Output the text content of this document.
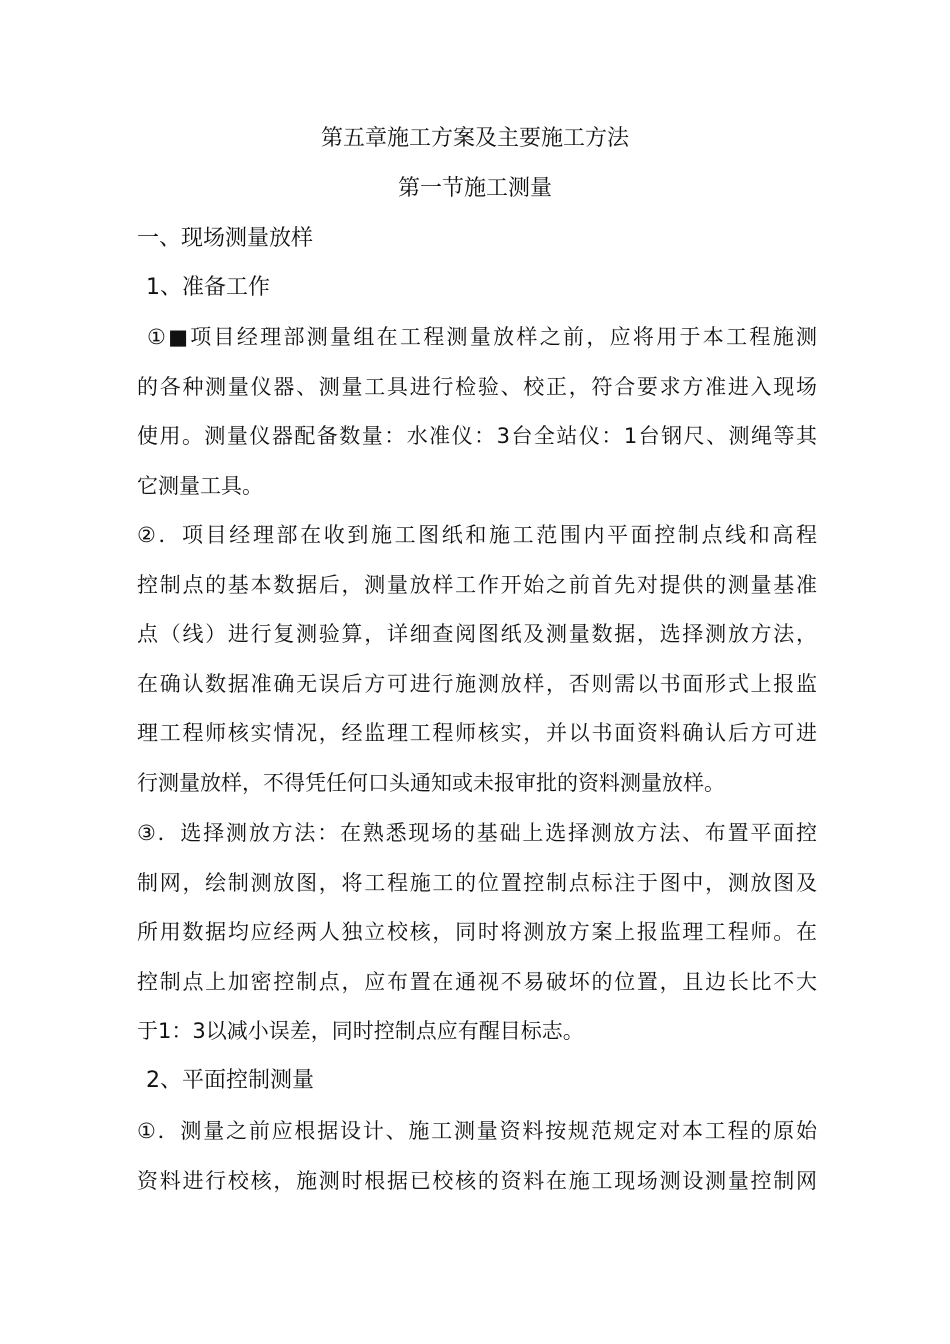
第五章施工方案及主要施工方法
第一节施工测量
一、现场测量放样
1、准备工作
①■项目经理部测量组在工程测量放样之前，应将用于本工程施测
的各种测量仪器、测量工具进行检验、校正，符合要求方准进入现场
使用。测量仪器配备数量：水准仪：3台全站仪：1台钢尺、测绳等其
它测量工具。
②．项目经理部在收到施工图纸和施工范围内平面控制点线和高程
控制点的基本数据后，测量放样工作开始之前首先对提供的测量基准
点（线）进行复测验算，详细查阅图纸及测量数据，选择测放方法，
在确认数据准确无误后方可进行施测放样，否则需以书面形式上报监
理工程师核实情况，经监理工程师核实，并以书面资料确认后方可进
行测量放样，不得凭任何口头通知或未报审批的资料测量放样。
③．选择测放方法：在熟悉现场的基础上选择测放方法、布置平面控
制网，绘制测放图，将工程施工的位置控制点标注于图中，测放图及
所用数据均应经两人独立校核，同时将测放方案上报监理工程师。在
控制点上加密控制点，应布置在通视不易破坏的位置，且边长比不大
于1：3以减小误差，同时控制点应有醒目标志。
2、平面控制测量
①．测量之前应根据设计、施工测量资料按规范规定对本工程的原始
资料进行校核，施测时根据已校核的资料在施工现场测设测量控制网
